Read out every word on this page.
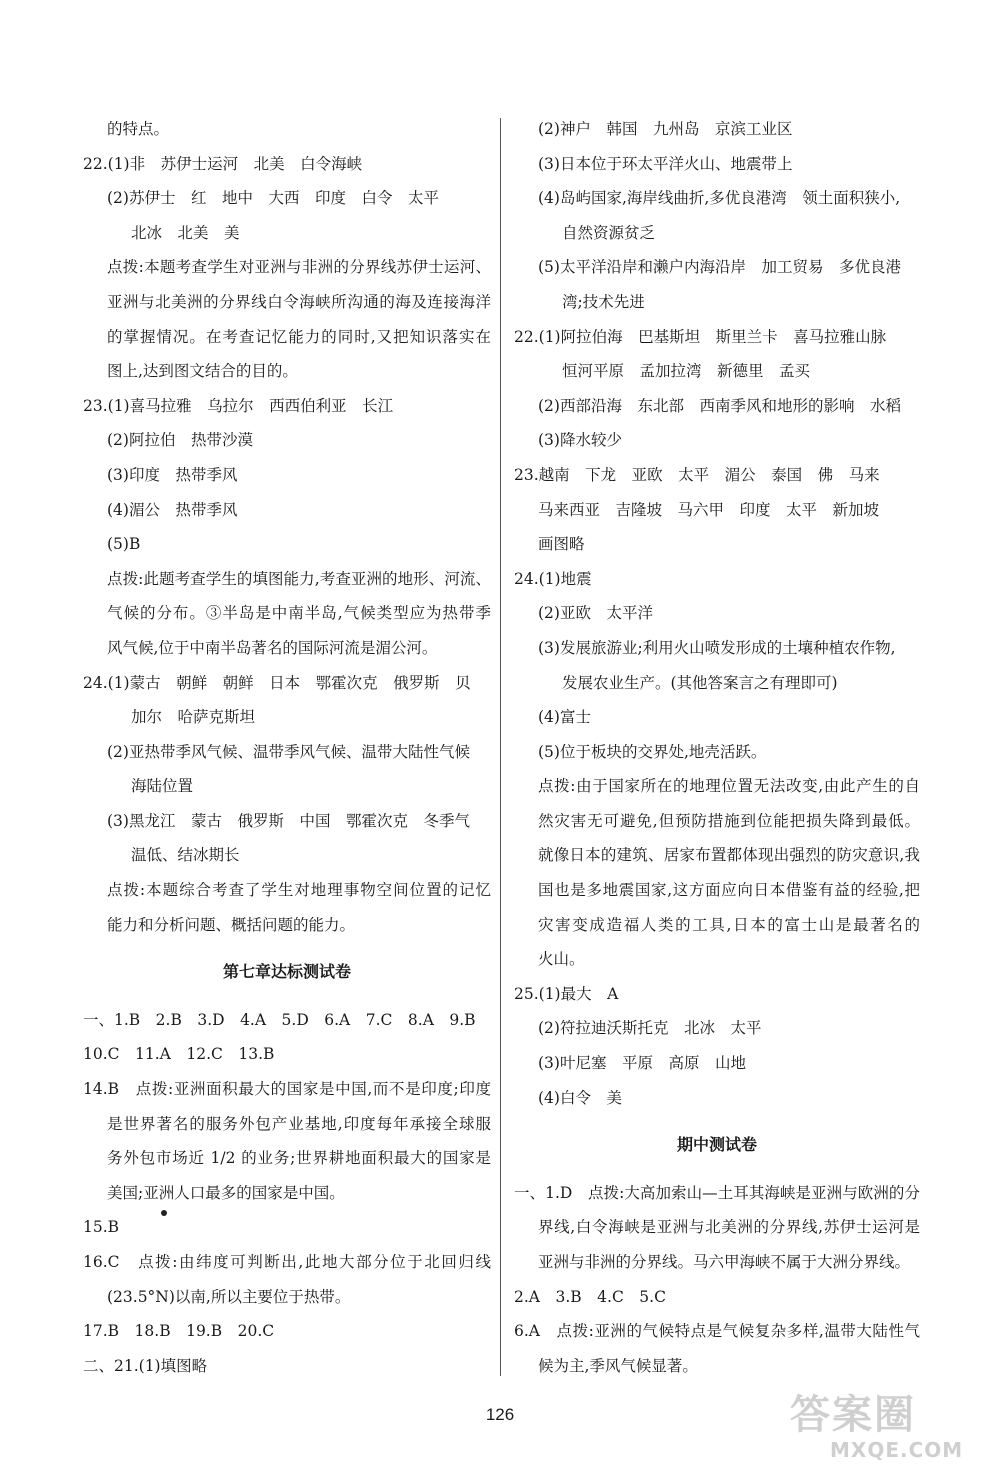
的特点。
22.(1)非　苏伊士运河　北美　白令海峡
(2)苏伊士　红　地中　大西　印度　白令　太平
北冰　北美　美
点拨:本题考查学生对亚洲与非洲的分界线苏伊士运河、
亚洲与北美洲的分界线白令海峡所沟通的海及连接海洋
的掌握情况。在考查记忆能力的同时,又把知识落实在
图上,达到图文结合的目的。
23.(1)喜马拉雅　乌拉尔　西西伯利亚　长江
(2)阿拉伯　热带沙漠
(3)印度　热带季风
(4)湄公　热带季风
(5)B
点拨:此题考查学生的填图能力,考查亚洲的地形、河流、
气候的分布。③半岛是中南半岛,气候类型应为热带季
风气候,位于中南半岛著名的国际河流是湄公河。
24.(1)蒙古　朝鲜　朝鲜　日本　鄂霍次克　俄罗斯　贝
加尔　哈萨克斯坦
(2)亚热带季风气候、温带季风气候、温带大陆性气候
海陆位置
(3)黑龙江　蒙古　俄罗斯　中国　鄂霍次克　冬季气
温低、结冰期长
点拨:本题综合考查了学生对地理事物空间位置的记忆
能力和分析问题、概括问题的能力。
第七章达标测试卷
一、1.B　2.B　3.D　4.A　5.D　6.A　7.C　8.A　9.B
10.C　11.A　12.C　13.B
14.B　点拨:亚洲面积最大的国家是中国,而不是印度;印度
是世界著名的服务外包产业基地,印度每年承接全球服
务外包市场近 1/2 的业务;世界耕地面积最大的国家是
美国;亚洲人口最多的国家是中国。
15.B
16.C　点拨:由纬度可判断出,此地大部分位于北回归线
(23.5°N)以南,所以主要位于热带。
17.B　18.B　19.B　20.C
二、21.(1)填图略
(2)神户　韩国　九州岛　京滨工业区
(3)日本位于环太平洋火山、地震带上
(4)岛屿国家,海岸线曲折,多优良港湾　领土面积狭小,
自然资源贫乏
(5)太平洋沿岸和濑户内海沿岸　加工贸易　多优良港
湾;技术先进
22.(1)阿拉伯海　巴基斯坦　斯里兰卡　喜马拉雅山脉
恒河平原　孟加拉湾　新德里　孟买
(2)西部沿海　东北部　西南季风和地形的影响　水稻
(3)降水较少
23.越南　下龙　亚欧　太平　湄公　泰国　佛　马来
马来西亚　吉隆坡　马六甲　印度　太平　新加坡
画图略
24.(1)地震
(2)亚欧　太平洋
(3)发展旅游业;利用火山喷发形成的土壤种植农作物,
发展农业生产。(其他答案言之有理即可)
(4)富士
(5)位于板块的交界处,地壳活跃。
点拨:由于国家所在的地理位置无法改变,由此产生的自
然灾害无可避免,但预防措施到位能把损失降到最低。
就像日本的建筑、居家布置都体现出强烈的防灾意识,我
国也是多地震国家,这方面应向日本借鉴有益的经验,把
灾害变成造福人类的工具,日本的富士山是最著名的
火山。
25.(1)最大　A
(2)符拉迪沃斯托克　北冰　太平
(3)叶尼塞　平原　高原　山地
(4)白令　美
期中测试卷
一、1.D　点拨:大高加索山—土耳其海峡是亚洲与欧洲的分
界线,白令海峡是亚洲与北美洲的分界线,苏伊士运河是
亚洲与非洲的分界线。马六甲海峡不属于大洲分界线。
2.A　3.B　4.C　5.C
6.A　点拨:亚洲的气候特点是气候复杂多样,温带大陆性气
候为主,季风气候显著。
126	答案圈
MXQE.COM
